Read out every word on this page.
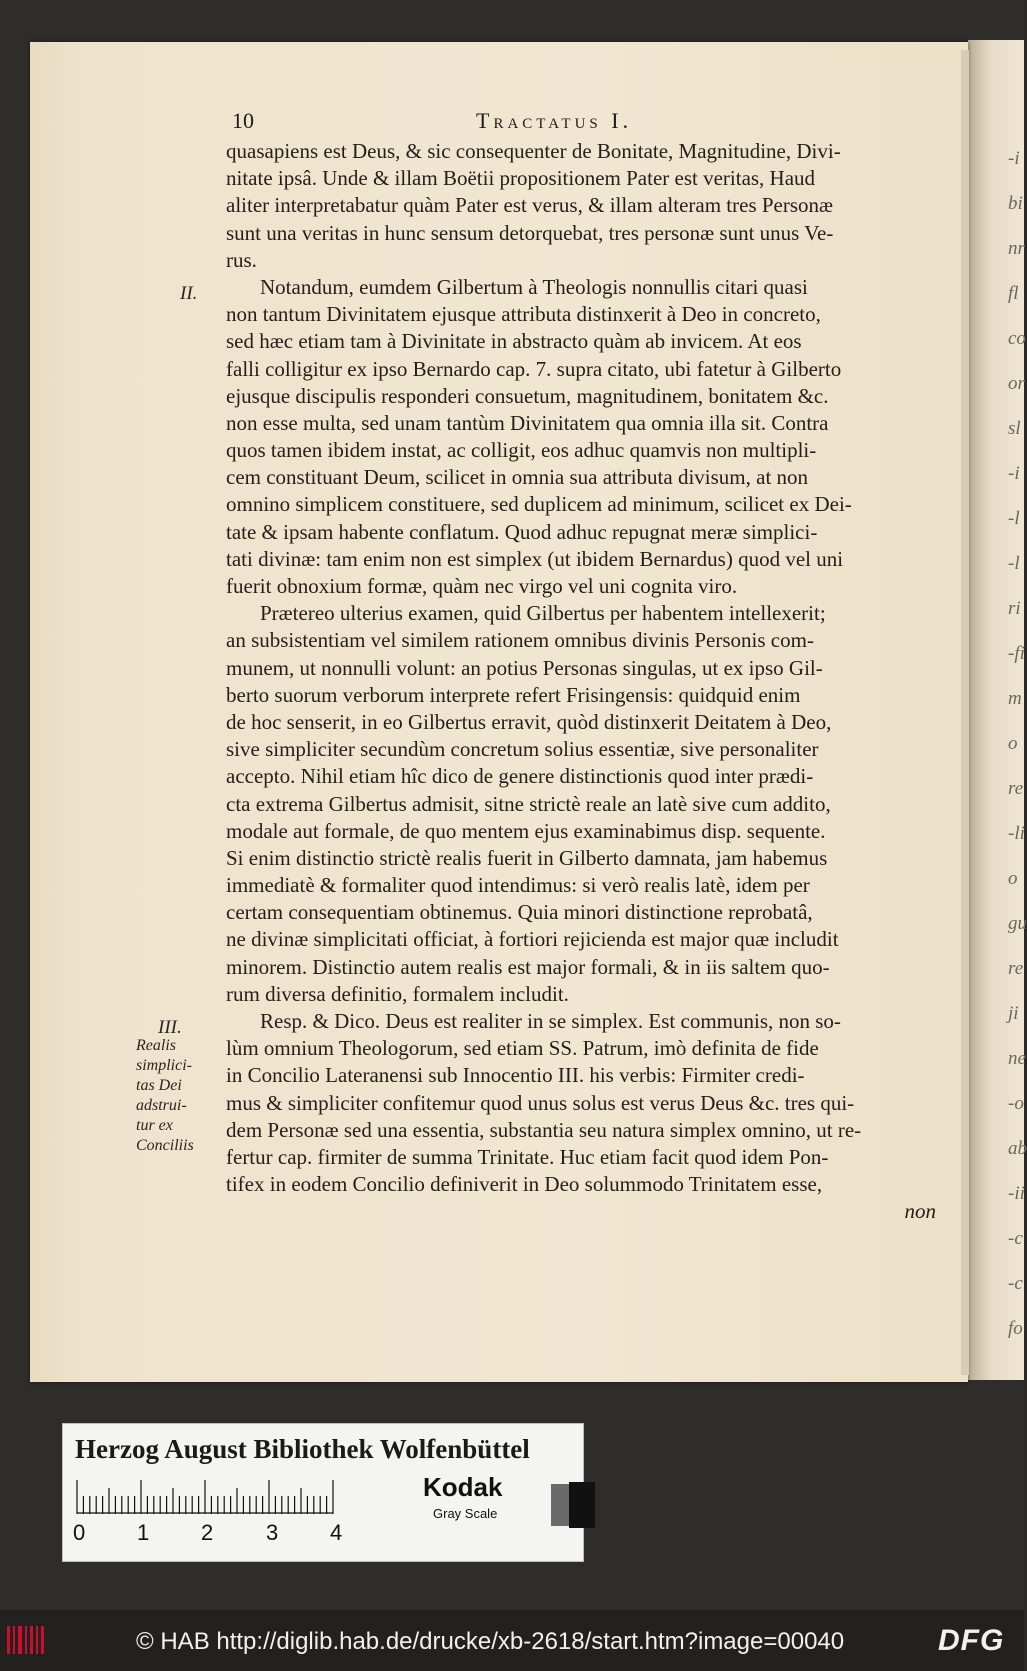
-i
bi
nr
fl
co
or
sl
-i
-l
-l
ri
-fi
m
o
re
-li
o
gu
re
ji
ne
-o
ab
-ii
-c
-c
fo
10	Tractatus I.
II.
III.
Realis
simplici-
tas Dei
adstrui-
tur ex
Conciliis
quasapiens est Deus, & sic consequenter de Bonitate, Magnitudine, Divi-
nitate ipsâ. Unde & illam Boëtii propositionem Pater est veritas, Haud
aliter interpretabatur quàm Pater est verus, & illam alteram tres Personæ
sunt una veritas in hunc sensum detorquebat, tres personæ sunt unus Ve-
rus.
Notandum, eumdem Gilbertum à Theologis nonnullis citari quasi
non tantum Divinitatem ejusque attributa distinxerit à Deo in concreto,
sed hæc etiam tam à Divinitate in abstracto quàm ab invicem. At eos
falli colligitur ex ipso Bernardo cap. 7. supra citato, ubi fatetur à Gilberto
ejusque discipulis responderi consuetum, magnitudinem, bonitatem &c.
non esse multa, sed unam tantùm Divinitatem qua omnia illa sit. Contra
quos tamen ibidem instat, ac colligit, eos adhuc quamvis non multipli-
cem constituant Deum, scilicet in omnia sua attributa divisum, at non
omnino simplicem constituere, sed duplicem ad minimum, scilicet ex Dei-
tate & ipsam habente conflatum. Quod adhuc repugnat meræ simplici-
tati divinæ: tam enim non est simplex (ut ibidem Bernardus) quod vel uni
fuerit obnoxium formæ, quàm nec virgo vel uni cognita viro.
Prætereo ulterius examen, quid Gilbertus per habentem intellexerit;
an subsistentiam vel similem rationem omnibus divinis Personis com-
munem, ut nonnulli volunt: an potius Personas singulas, ut ex ipso Gil-
berto suorum verborum interprete refert Frisingensis: quidquid enim
de hoc senserit, in eo Gilbertus erravit, quòd distinxerit Deitatem à Deo,
sive simpliciter secundùm concretum solius essentiæ, sive personaliter
accepto. Nihil etiam hîc dico de genere distinctionis quod inter prædi-
cta extrema Gilbertus admisit, sitne strictè reale an latè sive cum addito,
modale aut formale, de quo mentem ejus examinabimus disp. sequente.
Si enim distinctio strictè realis fuerit in Gilberto damnata, jam habemus
immediatè & formaliter quod intendimus: si verò realis latè, idem per
certam consequentiam obtinemus. Quia minori distinctione reprobatâ,
ne divinæ simplicitati officiat, à fortiori rejicienda est major quæ includit
minorem. Distinctio autem realis est major formali, & in iis saltem quo-
rum diversa definitio, formalem includit.
Resp. & Dico. Deus est realiter in se simplex. Est communis, non so-
lùm omnium Theologorum, sed etiam SS. Patrum, imò definita de fide
in Concilio Lateranensi sub Innocentio III. his verbis: Firmiter credi-
mus & simpliciter confitemur quod unus solus est verus Deus &c. tres qui-
dem Personæ sed una essentia, substantia seu natura simplex omnino, ut re-
fertur cap. firmiter de summa Trinitate. Huc etiam facit quod idem Pon-
tifex in eodem Concilio definiverit in Deo solummodo Trinitatem esse,
non
Herzog August Bibliothek Wolfenbüttel
0 1 2 3 4
Kodak
Gray Scale
© HAB http://diglib.hab.de/drucke/xb-2618/start.htm?image=00040	DFG
